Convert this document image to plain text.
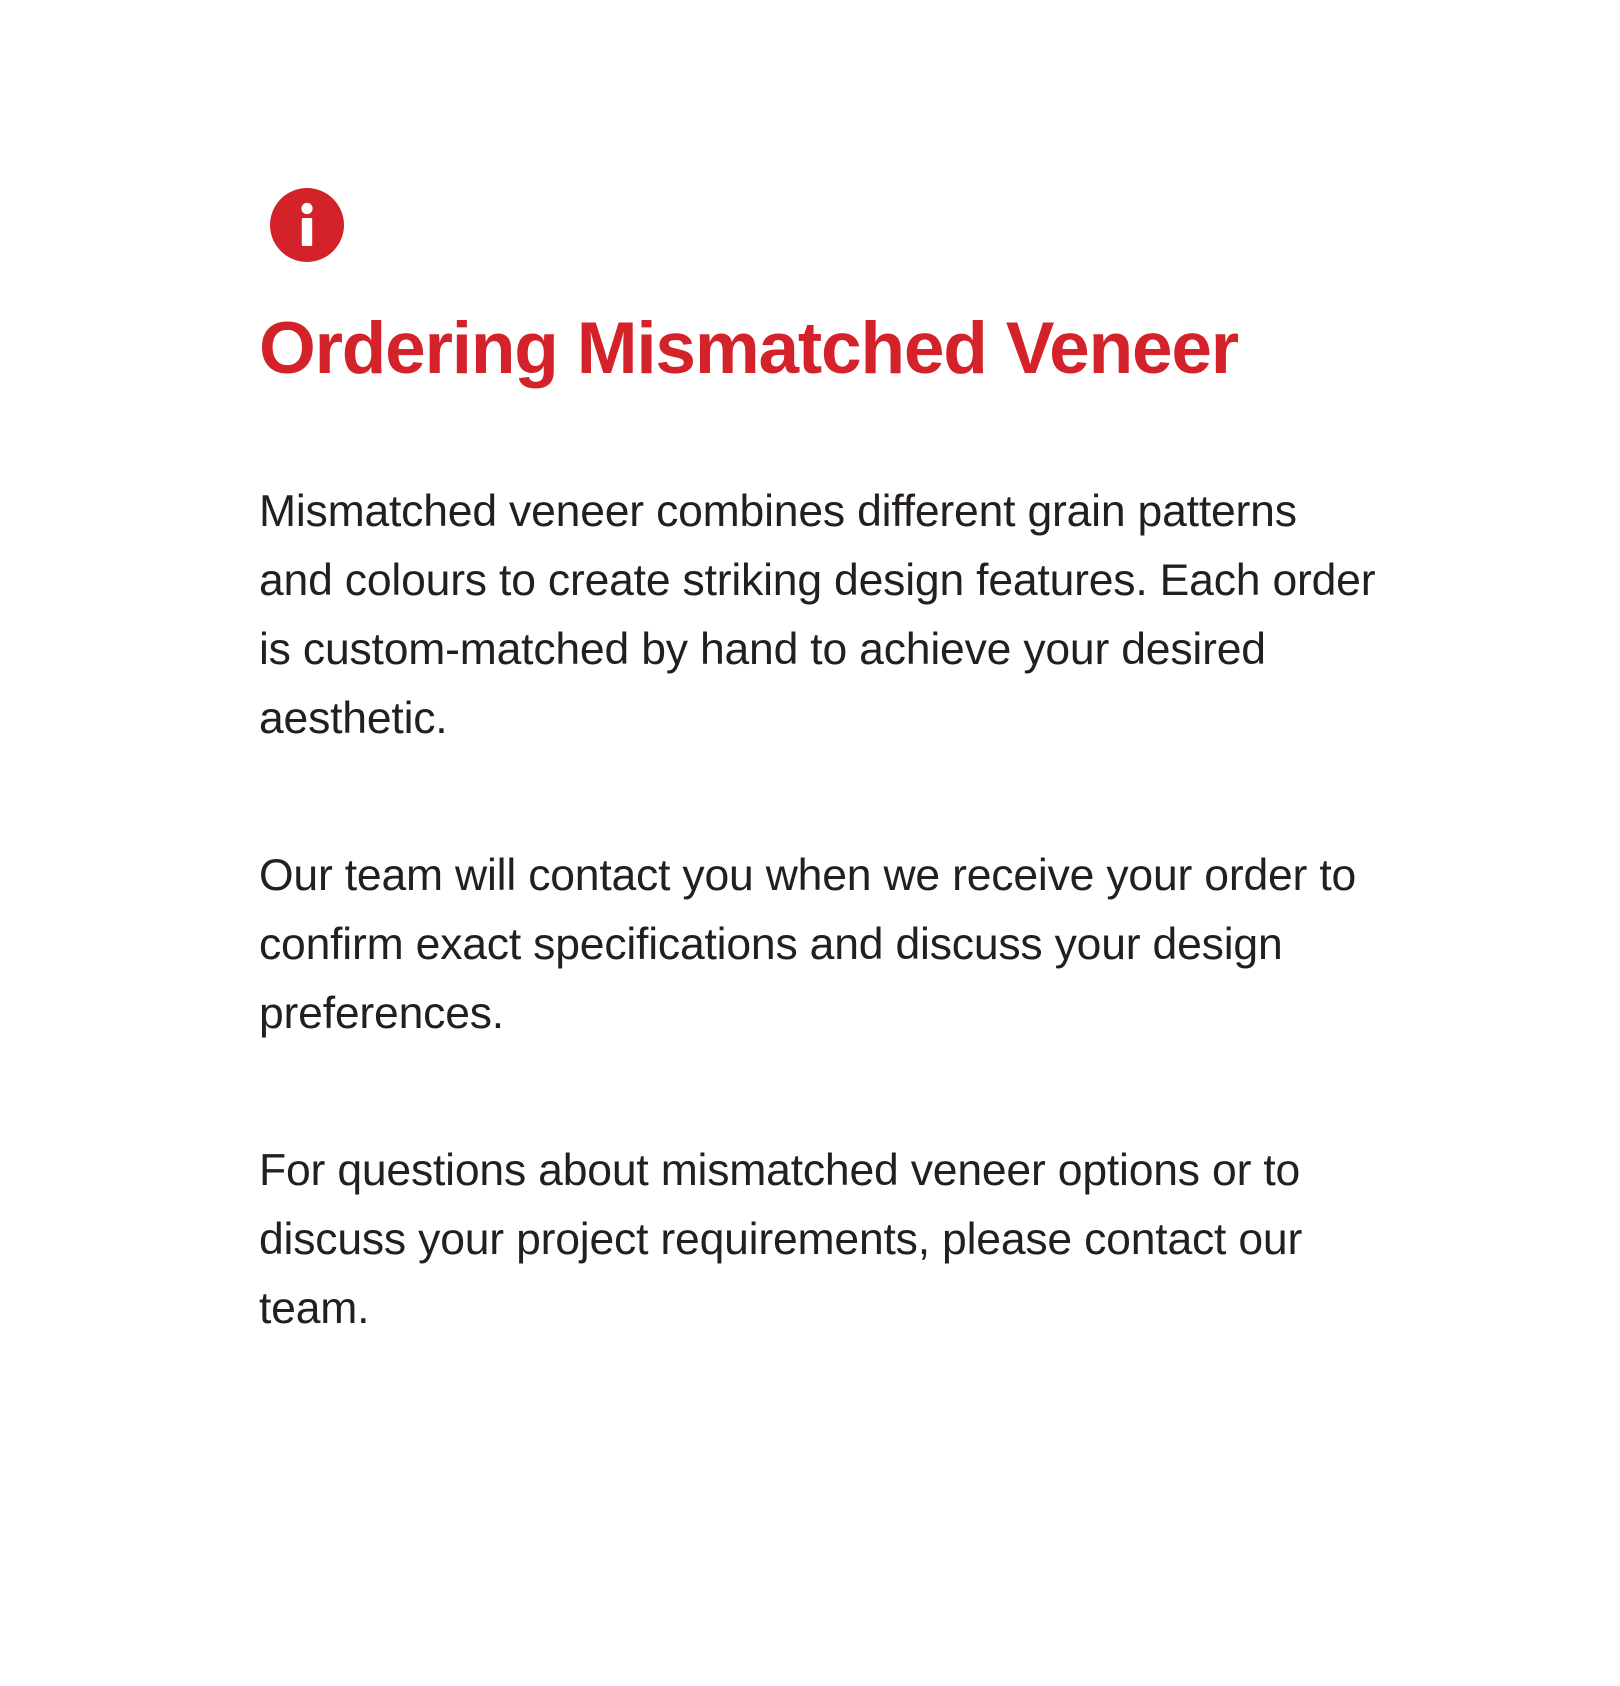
Ordering Mismatched Veneer

Mismatched veneer combines different grain patterns and colours to create striking design features. Each order is custom-matched by hand to achieve your desired aesthetic.

Our team will contact you when we receive your order to confirm exact specifications and discuss your design preferences.

For questions about mismatched veneer options or to discuss your project requirements, please contact our team.
